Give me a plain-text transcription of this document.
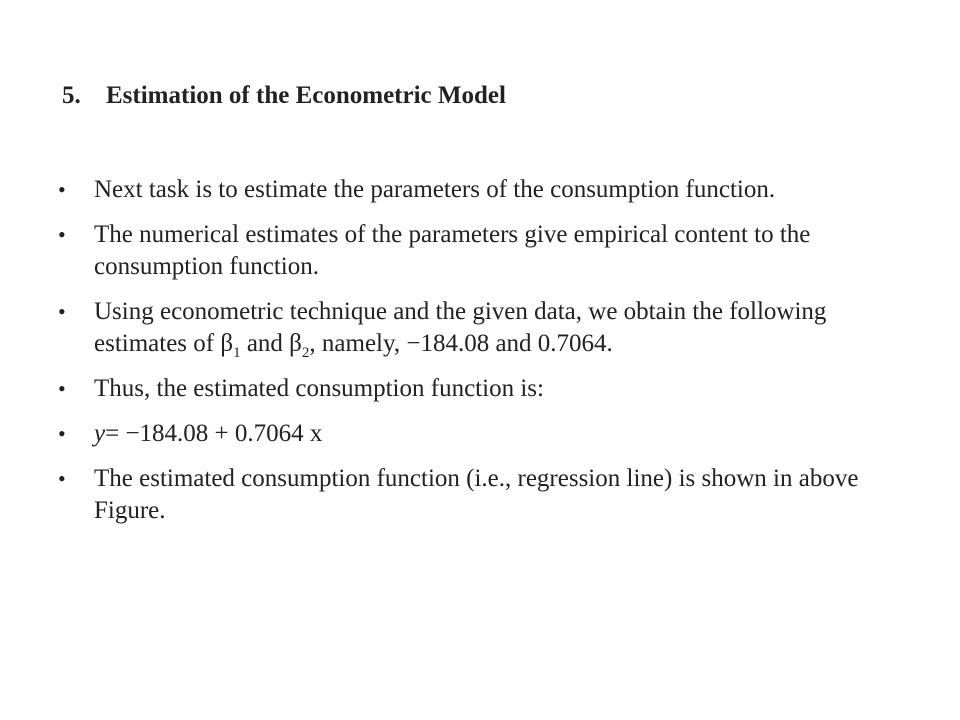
5. Estimation of the Econometric Model
• Next task is to estimate the parameters of the consumption function.
• The numerical estimates of the parameters give empirical content to the consumption function.
• Using econometric technique and the given data, we obtain the following estimates of $\beta_1$ and $\beta_2$, namely, −184.08 and 0.7064.
• Thus, the estimated consumption function is:
• y= −184.08 + 0.7064 x
• The estimated consumption function (i.e., regression line) is shown in above Figure.
